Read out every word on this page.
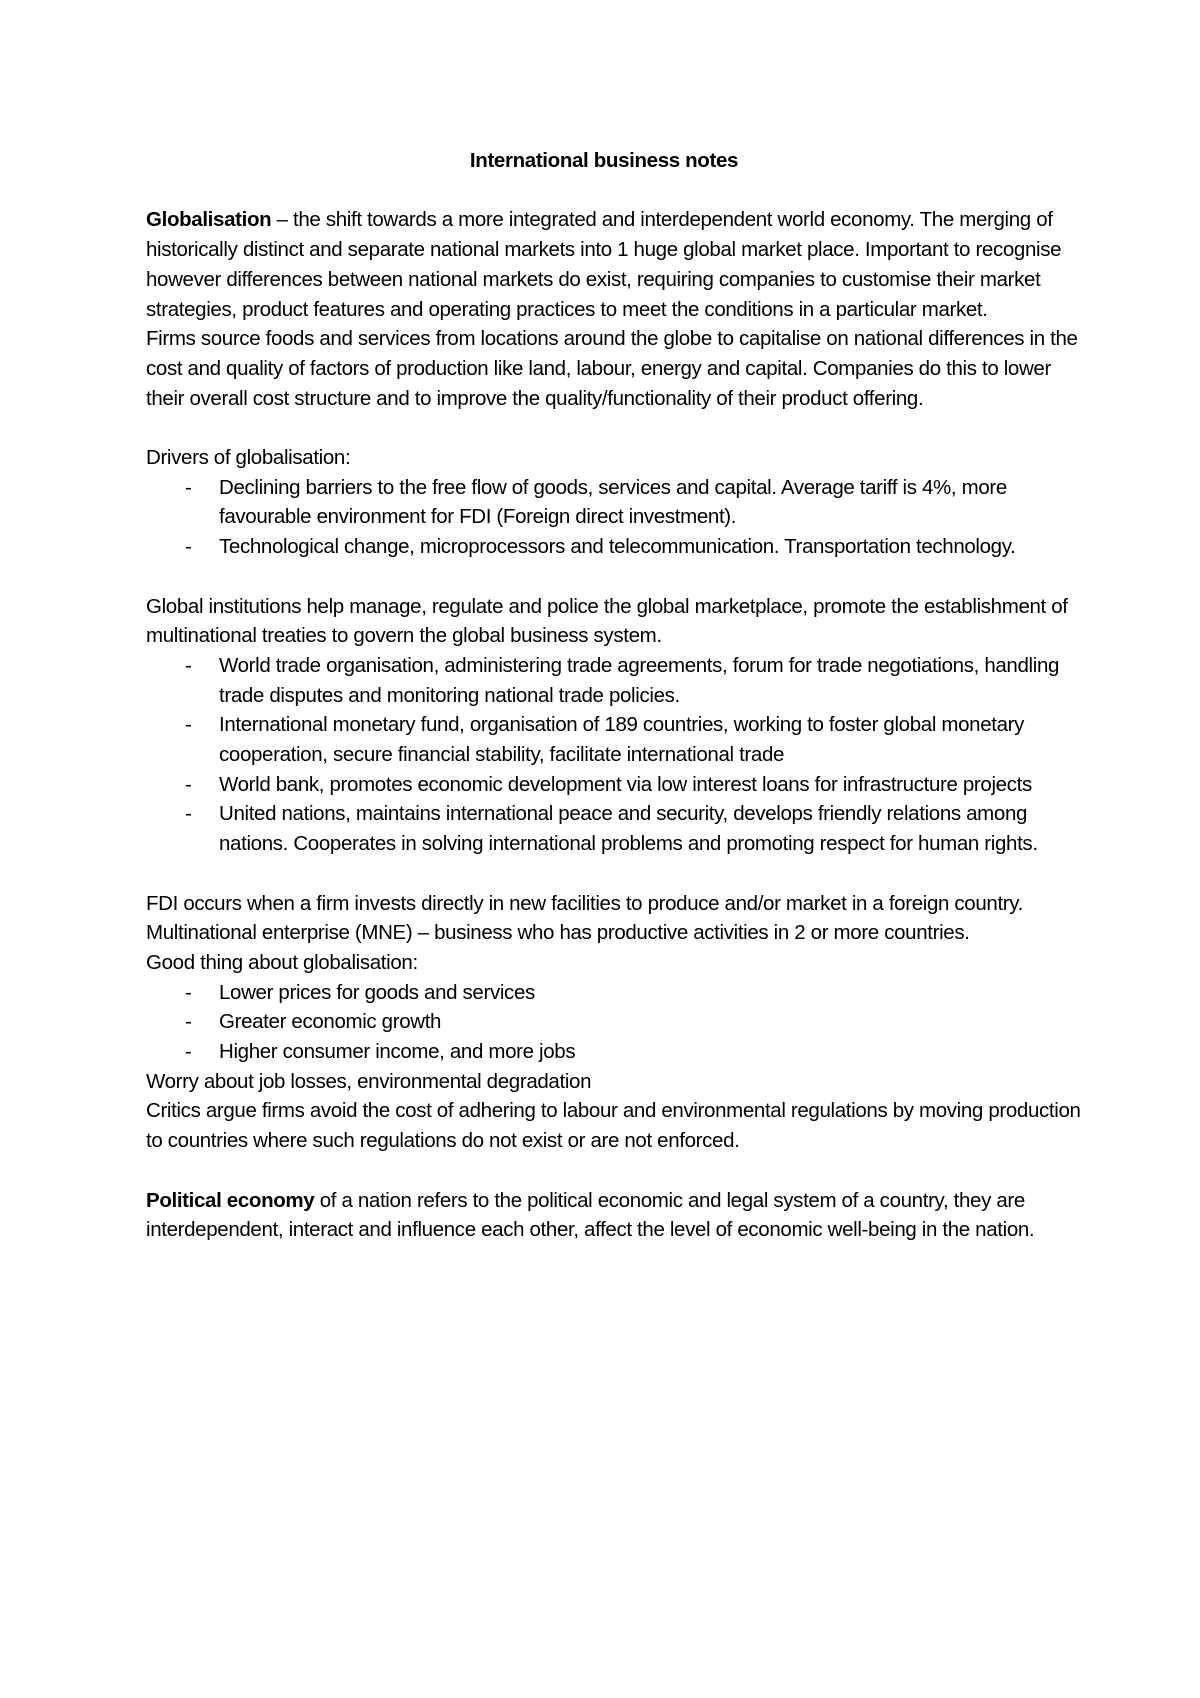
International business notes

Globalisation – the shift towards a more integrated and interdependent world economy. The merging of historically distinct and separate national markets into 1 huge global market place. Important to recognise however differences between national markets do exist, requiring companies to customise their market strategies, product features and operating practices to meet the conditions in a particular market.

Firms source foods and services from locations around the globe to capitalise on national differences in the cost and quality of factors of production like land, labour, energy and capital. Companies do this to lower their overall cost structure and to improve the quality/functionality of their product offering.

Drivers of globalisation:

- Declining barriers to the free flow of goods, services and capital. Average tariff is 4%, more favourable environment for FDI (Foreign direct investment).
- Technological change, microprocessors and telecommunication. Transportation technology.

Global institutions help manage, regulate and police the global marketplace, promote the establishment of multinational treaties to govern the global business system.

- World trade organisation, administering trade agreements, forum for trade negotiations, handling trade disputes and monitoring national trade policies.
- International monetary fund, organisation of 189 countries, working to foster global monetary cooperation, secure financial stability, facilitate international trade
- World bank, promotes economic development via low interest loans for infrastructure projects
- United nations, maintains international peace and security, develops friendly relations among nations. Cooperates in solving international problems and promoting respect for human rights.

FDI occurs when a firm invests directly in new facilities to produce and/or market in a foreign country.

Multinational enterprise (MNE) – business who has productive activities in 2 or more countries.

Good thing about globalisation:

- Lower prices for goods and services
- Greater economic growth
- Higher consumer income, and more jobs

Worry about job losses, environmental degradation

Critics argue firms avoid the cost of adhering to labour and environmental regulations by moving production to countries where such regulations do not exist or are not enforced.

Political economy of a nation refers to the political economic and legal system of a country, they are interdependent, interact and influence each other, affect the level of economic well-being in the nation.
